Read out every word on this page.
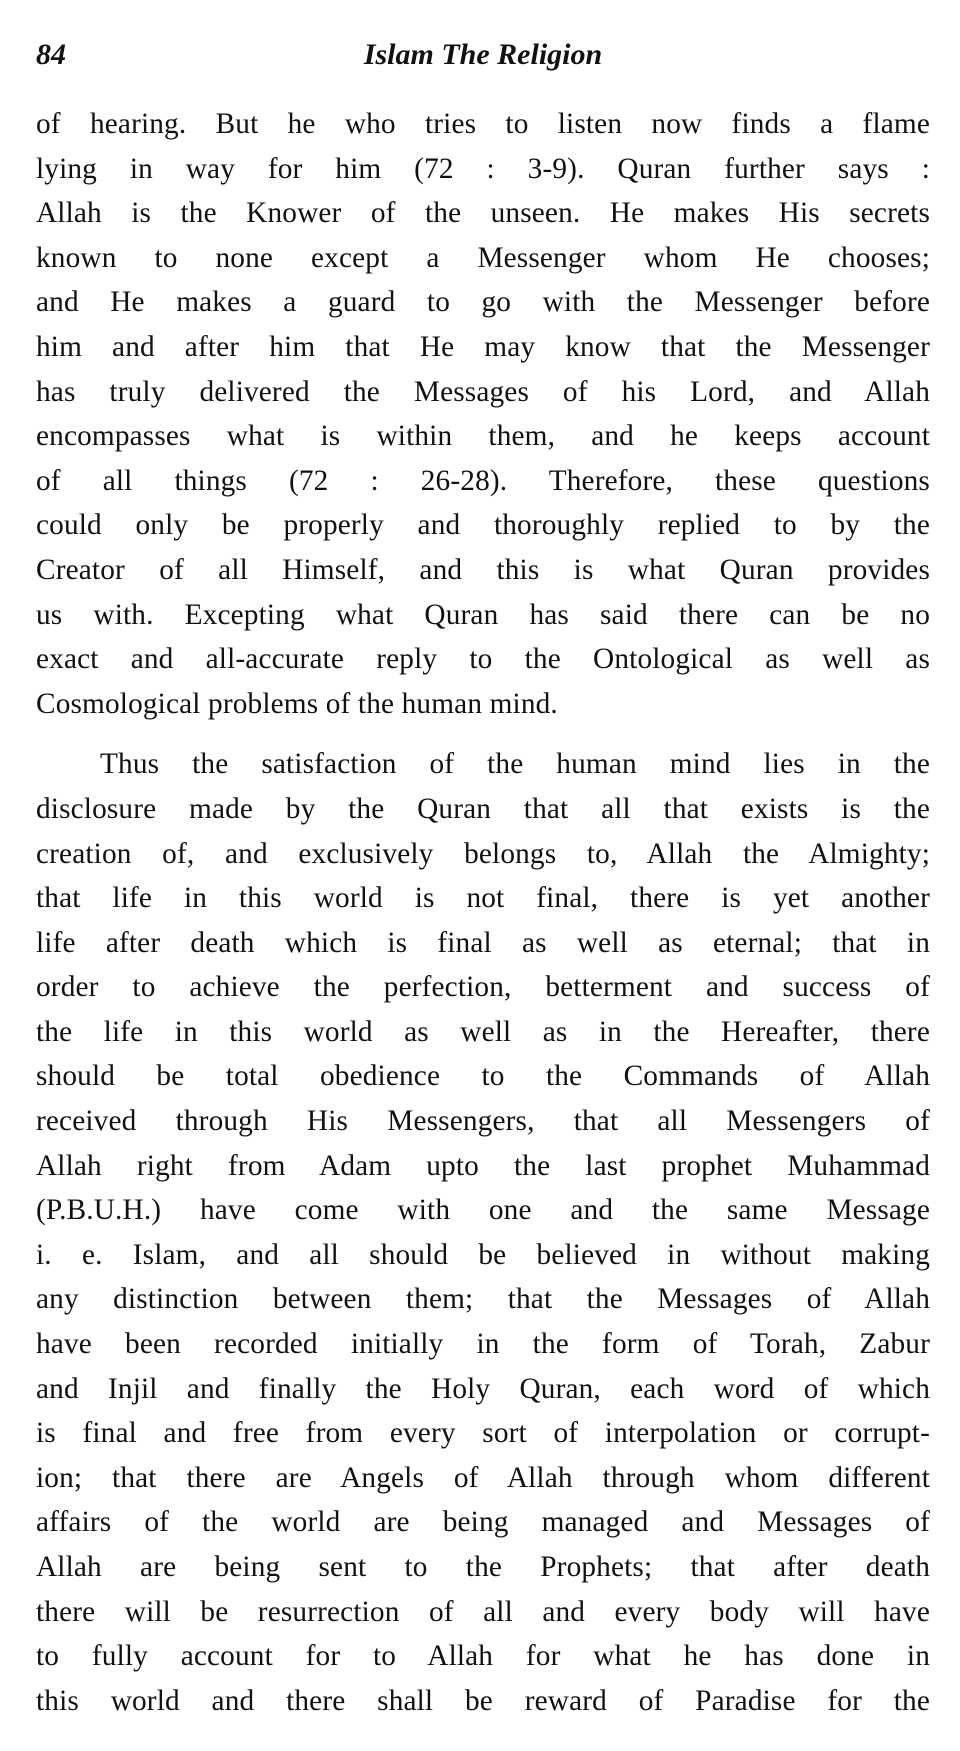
84	Islam The Religion
of hearing. But he who tries to listen now finds a flame
lying in way for him (72 : 3-9). Quran further says :
Allah is the Knower of the unseen. He makes His secrets
known to none except a Messenger whom He chooses;
and He makes a guard to go with the Messenger before
him and after him that He may know that the Messenger
has truly delivered the Messages of his Lord, and Allah
encompasses what is within them, and he keeps account
of all things (72 : 26-28). Therefore, these questions
could only be properly and thoroughly replied to by the
Creator of all Himself, and this is what Quran provides
us with. Excepting what Quran has said there can be no
exact and all-accurate reply to the Ontological as well as
Cosmological problems of the human mind.
Thus the satisfaction of the human mind lies in the
disclosure made by the Quran that all that exists is the
creation of, and exclusively belongs to, Allah the Almighty;
that life in this world is not final, there is yet another
life after death which is final as well as eternal; that in
order to achieve the perfection, betterment and success of
the life in this world as well as in the Hereafter, there
should be total obedience to the Commands of Allah
received through His Messengers, that all Messengers of
Allah right from Adam upto the last prophet Muhammad
(P.B.U.H.) have come with one and the same Message
i. e. Islam, and all should be believed in without making
any distinction between them; that the Messages of Allah
have been recorded initially in the form of Torah, Zabur
and Injil and finally the Holy Quran, each word of which
is final and free from every sort of interpolation or corrupt-
ion; that there are Angels of Allah through whom different
affairs of the world are being managed and Messages of
Allah are being sent to the Prophets; that after death
there will be resurrection of all and every body will have
to fully account for to Allah for what he has done in
this world and there shall be reward of Paradise for the
